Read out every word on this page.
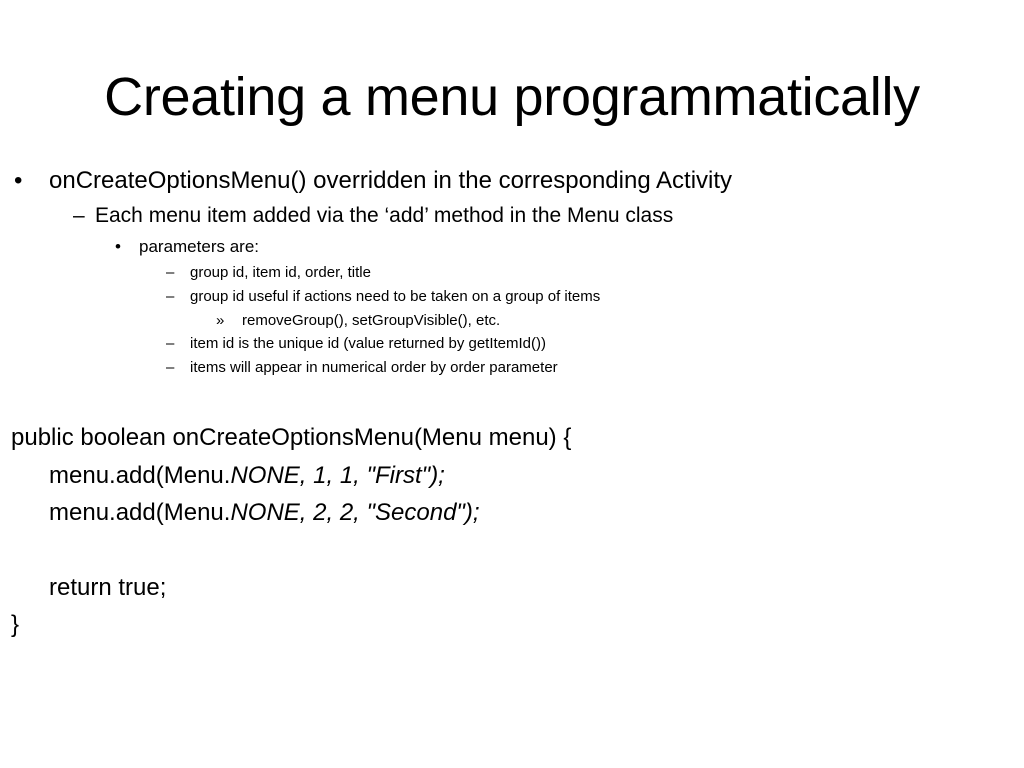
Creating a menu programmatically
• onCreateOptionsMenu() overridden in the corresponding Activity
– Each menu item added via the ‘add’ method in the Menu class
• parameters are:
– group id, item id, order, title
– group id useful if actions need to be taken on a group of items
» removeGroup(), setGroupVisible(), etc.
– item id is the unique id (value returned by getItemId())
– items will appear in numerical order by order parameter
public boolean onCreateOptionsMenu(Menu menu) {
menu.add(Menu.NONE, 1, 1, "First");
menu.add(Menu.NONE, 2, 2, "Second");
return true;
}
